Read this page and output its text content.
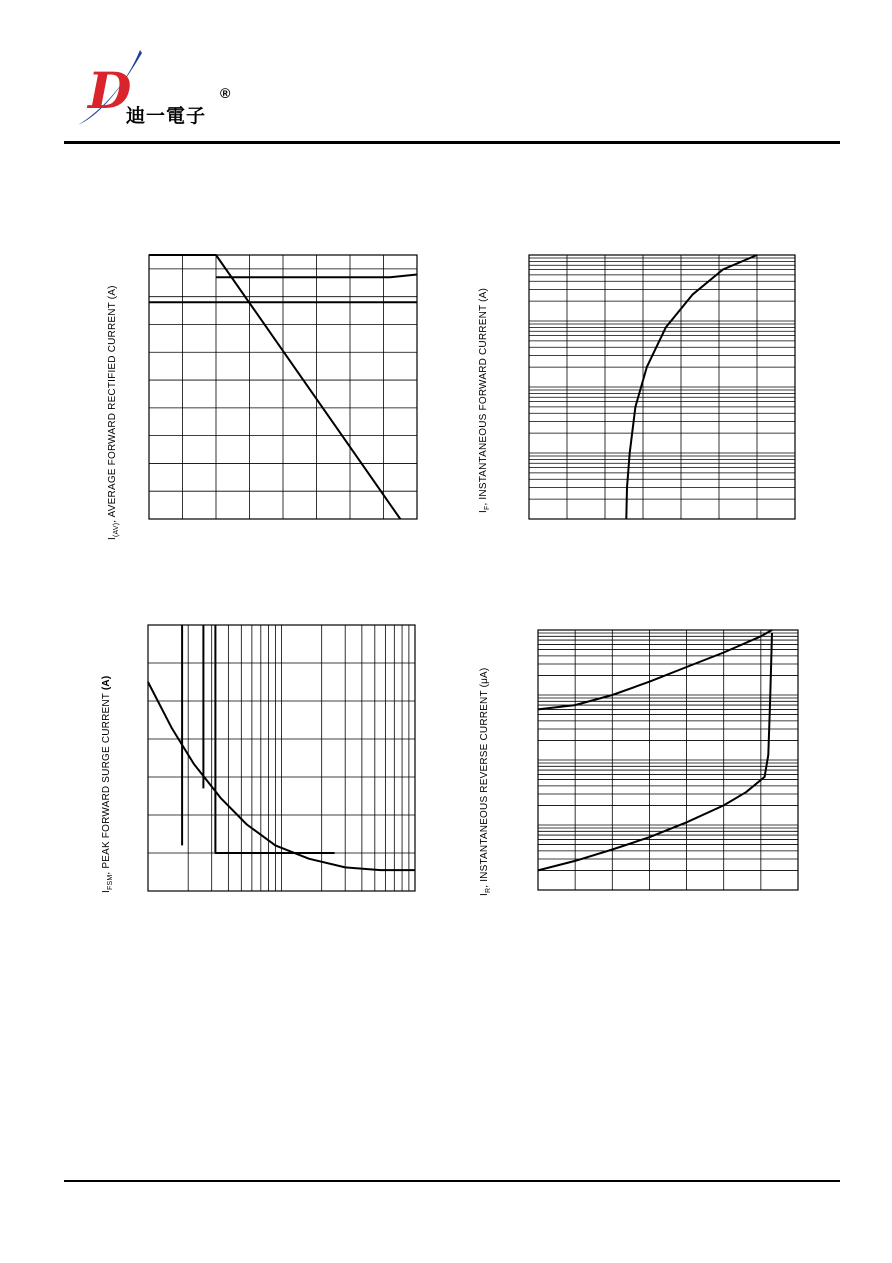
D
迪一電子
®
$I_{(AV)}$, AVERAGE FORWARD RECTIFIED CURRENT (A)	$I_F$, INSTANTANEOUS FORWARD CURRENT (A)
$I_{FSM}$, PEAK FORWARD SURGE CURRENT (A)
$I_R$, INSTANTANEOUS REVERSE CURRENT (μA)
